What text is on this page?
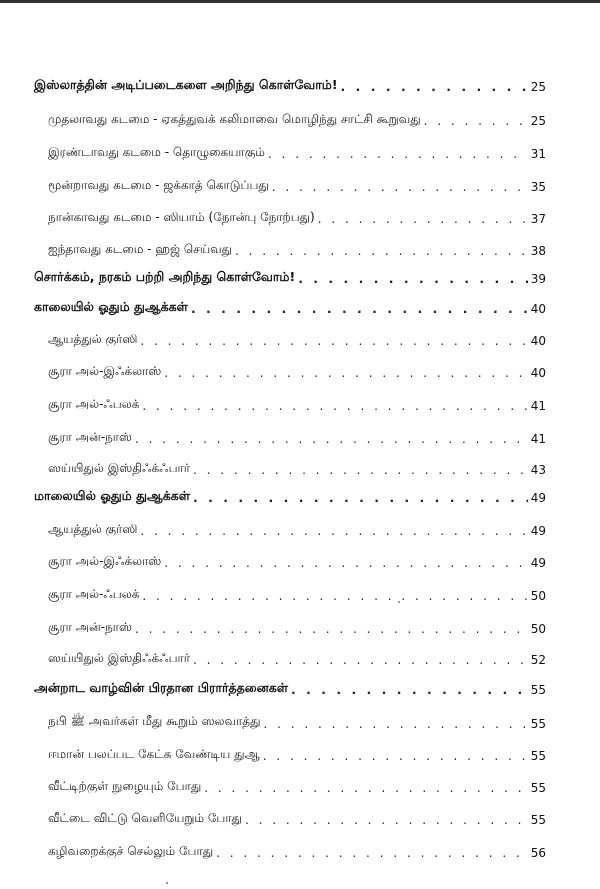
இஸ்லாத்தின் அடிப்படைகளை அறிந்து கொள்வோம்! . . .	25
முதலாவது கடமை - ஏகத்துவக் கலிமாவை மொழிந்து சாட்சி கூறுவது . . .	25
இரண்டாவது கடமை - தொழுகையாகும் . . .	31
மூன்றாவது கடமை - ஜக்காத் கொடுப்பது . . .	35
நான்காவது கடமை - ஸியாம் (நோன்பு நோற்பது) . . .	37
ஐந்தாவது கடமை - ஹஜ் செய்வது . . .	38
சொர்க்கம், நரகம் பற்றி அறிந்து கொள்வோம்! . . .	39
காலையில் ஓதும் துஆக்கள் . . .	40
ஆயத்துல் குர்ஸி . . .	40
சூரா அல்-இஃக்லாஸ் . . .	40
சூரா அல்-ஃபலக் . . .	41
சூரா அன்-நாஸ் . . .	41
ஸய்யிதுல் இஸ்திஃக்ஃபார் . . .	43
மாலையில் ஓதும் துஆக்கள் . . .	49
ஆயத்துல் குர்ஸி . . .	49
சூரா அல்-இஃக்லாஸ் . . .	49
சூரா அல்-ஃபலக் . . .	50
சூரா அன்-நாஸ் . . .	50
ஸய்யிதுல் இஸ்திஃக்ஃபார் . . .	52
அன்றாட வாழ்வின் பிரதான பிரார்த்தனைகள் . . .	55
நபி ﷺ அவர்கள் மீது கூறும் ஸலவாத்து . . .	55
ஈமான் பலப்பட கேட்க வேண்டிய துஆ . . .	55
வீட்டிற்குள் நுழையும் போது . . .	55
வீட்டை விட்டு வெளியேறும் போது . . .	55
கழிவறைக்குச் செல்லும் போது . . .	56
